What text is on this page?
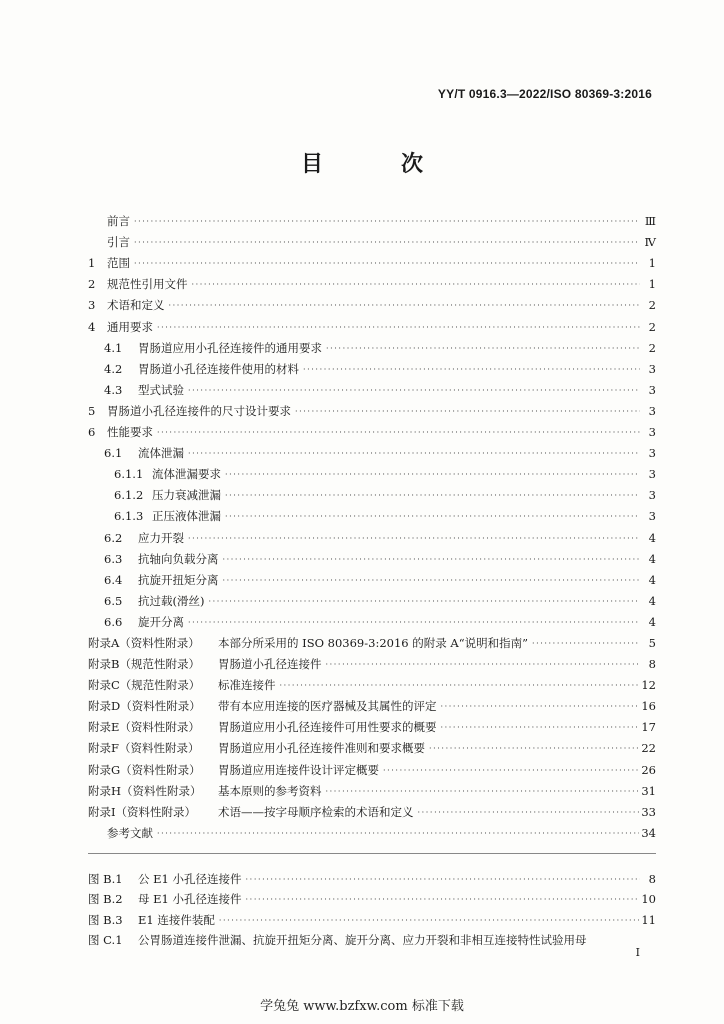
YY/T 0916.3—2022/ISO 80369-3:2016
目　次
前言 ·····	Ⅲ
引言 ·····	Ⅳ
1	范围 ·····	1
2	规范性引用文件 ·····	1
3	术语和定义 ·····	2
4	通用要求 ·····	2
4.1	胃肠道应用小孔径连接件的通用要求 ·····	2
4.2	胃肠道小孔径连接件使用的材料 ·····	3
4.3	型式试验 ·····	3
5	胃肠道小孔径连接件的尺寸设计要求 ·····	3
6	性能要求 ·····	3
6.1	流体泄漏 ·····	3
6.1.1 流体泄漏要求 ·····	3
6.1.2 压力衰减泄漏 ·····	3
6.1.3 正压液体泄漏 ·····	3
6.2	应力开裂 ·····	4
6.3	抗轴向负载分离 ·····	4
6.4	抗旋开扭矩分离 ·····	4
6.5	抗过载(滑丝) ·····	4
6.6	旋开分离 ·····	4
附录A（资料性附录）	本部分所采用的 ISO 80369-3:2016 的附录 A“说明和指南” ·····	5
附录B（规范性附录）	胃肠道小孔径连接件 ·····	8
附录C（规范性附录）	标准连接件 ·····	12
附录D（资料性附录）	带有本应用连接的医疗器械及其属性的评定 ·····	16
附录E（资料性附录）	胃肠道应用小孔径连接件可用性要求的概要 ·····	17
附录F（资料性附录）	胃肠道应用小孔径连接件准则和要求概要 ·····	22
附录G（资料性附录）	胃肠道应用连接件设计评定概要 ·····	26
附录H（资料性附录）	基本原则的参考资料 ·····	31
附录I（资料性附录）	术语——按字母顺序检索的术语和定义 ·····	33
参考文献 ·····	34
图 B.1	公 E1 小孔径连接件 ·····	8
图 B.2	母 E1 小孔径连接件 ·····	10
图 B.3	E1 连接件装配 ·····	11
图 C.1	公胃肠道连接件泄漏、抗旋开扭矩分离、旋开分离、应力开裂和非相互连接特性试验用母
I
学兔兔 www.bzfxw.com 标准下载
